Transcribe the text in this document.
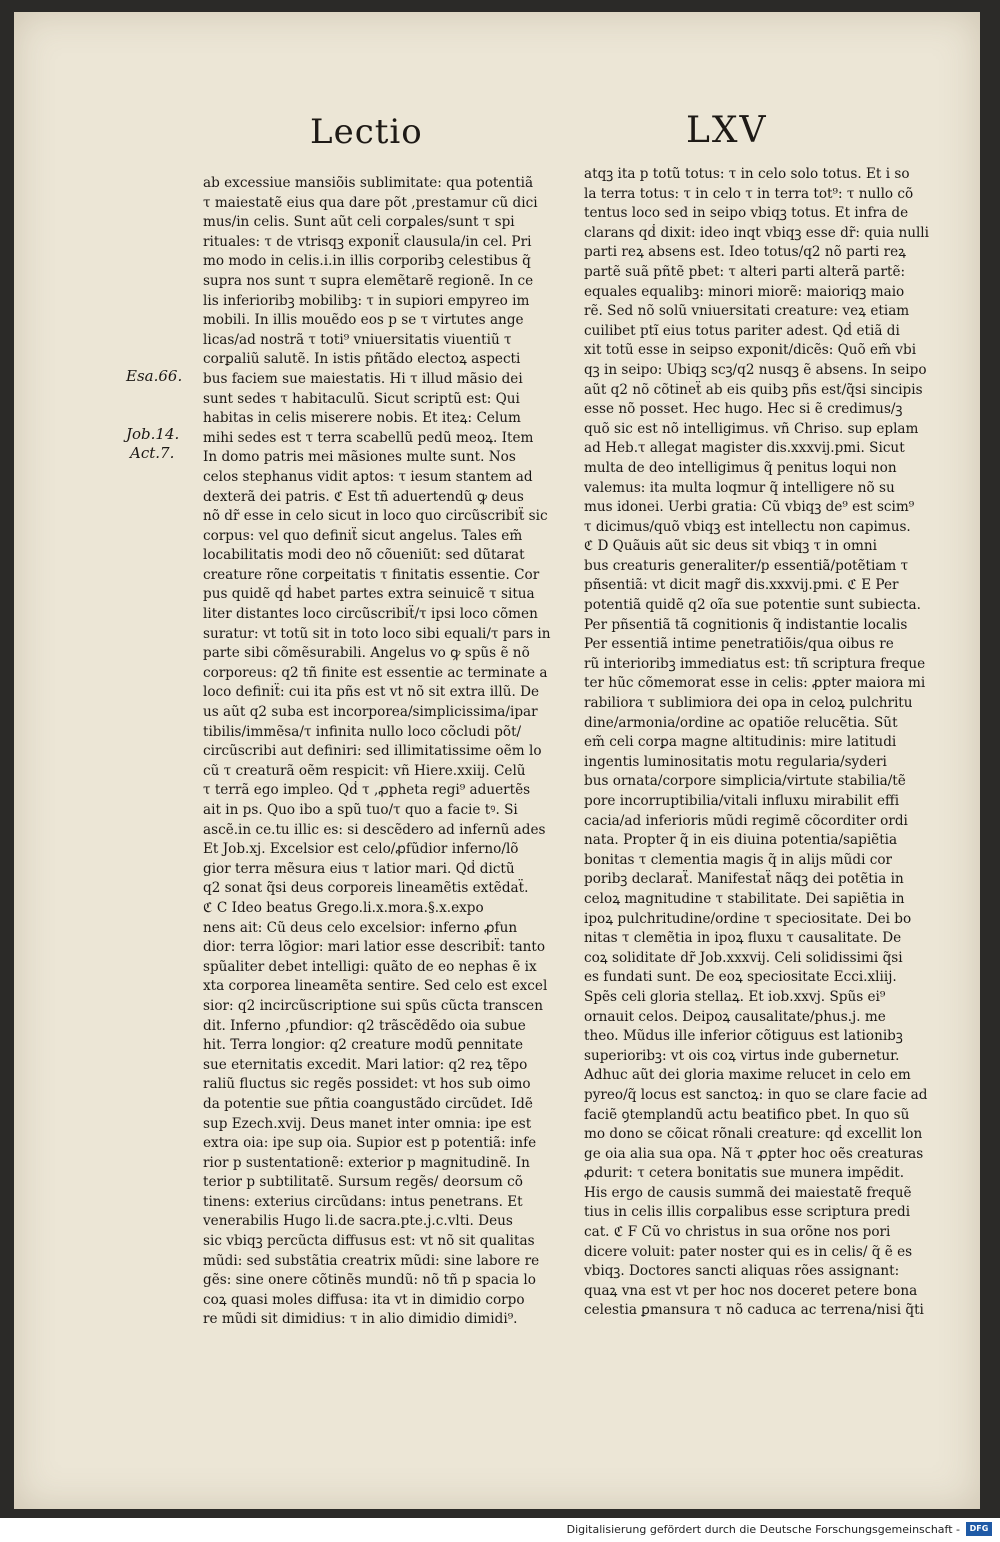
Lectio	LXV
Esa.66.
Job.14.
Act.7.
ab excessiue mansiõis sublimitate: qua potentiã
τ maiestatẽ eius qua dare põt ,prestamur cũ dici
mus/in celis. Sunt aũt celi corꝑales/sunt τ spi
rituales: τ de vtrisqꝫ exponiẗ clausula/in cel. Pri
mo modo in celis.i.in illis corporibꝫ celestibus q̃
supra nos sunt τ supra elemẽtarẽ regionẽ. In ce
lis inferioribꝫ mobilibꝫ: τ in supiori empyreo im
mobili. In illis mouẽdo eos p se τ virtutes ange
licas/ad nostrã τ toti⁹ vniuersitatis viuentiũ τ
corꝑaliũ salutẽ. In istis pñtãdo electoꝝ aspecti
bus faciem sue maiestatis. Hi τ illud mãsio dei
sunt sedes τ habitaculũ. Sicut scriptũ est: Qui
habitas in celis miserere nobis. Et iteꝝ: Celum
mihi sedes est τ terra scabellũ pedũ meoꝝ. Item
In domo patris mei mãsiones multe sunt. Nos
celos stephanus vidit aptos: τ iesum stantem ad
dexterã dei patris. ℭ Est tñ aduertendũ ꝙ deus
nõ dr̃ esse in celo sicut in loco quo circũscribiẗ sic
corpus: vel quo definiẗ sicut angelus. Tales em̃
locabilitatis modi deo nõ cõueniũt: sed dũtarat
creature rõne corꝑeitatis τ finitatis essentie. Cor
pus quidẽ qḋ habet partes extra seinuicẽ τ situa
liter distantes loco circũscribiẗ/τ ipsi loco cõmen
suratur: vt totũ sit in toto loco sibi equali/τ pars in
parte sibi cõmẽsurabili. Angelus vo ꝙ spũs ẽ nõ
corporeus: q2 tñ finite est essentie ac terminate a
loco definiẗ: cui ita pñs est vt nõ sit extra illũ. De
us aũt q2 suba est incorporea/simplicissima/ipar
tibilis/immẽsa/τ infinita nullo loco cõcludi põt/
circũscribi aut definiri: sed illimitatissime oẽm lo
cũ τ creaturã oẽm respicit: vñ Hiere.xxiij. Celũ
τ terrã ego impleo. Qḋ τ ,ꝓpheta regi⁹ aduertẽs
ait in ps. Quo ibo a spũ tuo/τ quo a facie tꝰ. Si
ascẽ.in ce.tu illic es: si descẽdero ad infernũ ades
Et Job.xj. Excelsior est celo/ꝓfũdior inferno/lõ
gior terra mẽsura eius τ latior mari. Qḋ dictũ
q2 sonat q̃si deus corporeis lineamẽtis extẽdaẗ.
ℭ C Ideo beatus Grego.li.x.mora.§.x.expo
nens ait: Cũ deus celo excelsior: inferno ꝓfun
dior: terra lõgior: mari latior esse describiẗ: tanto
spũaliter debet intelligi: quãto de eo nephas ẽ ix
xta corporea lineamẽta sentire. Sed celo est excel
sior: q2 incircũscriptione sui spũs cũcta transcen
dit. Inferno ,pfundior: q2 trãscẽdẽdo oia subue
hit. Terra longior: q2 creature modũ ꝑennitate
sue eternitatis excedit. Mari latior: q2 reꝝ tẽpo
raliũ fluctus sic regẽs possidet: vt hos sub oimo
da potentie sue pñtia coangustãdo circũdet. Idẽ
sup Ezech.xvij. Deus manet inter omnia: ipe est
extra oia: ipe sup oia. Supior est p potentiã: infe
rior p sustentationẽ: exterior p magnitudinẽ. In
terior p subtilitatẽ. Sursum regẽs/ deorsum cõ
tinens: exterius circũdans: intus penetrans. Et
venerabilis Hugo li.de sacra.pte.j.c.vlti. Deus
sic vbiqꝫ percũcta diffusus est: vt nõ sit qualitas
mũdi: sed substãtia creatrix mũdi: sine labore re
gẽs: sine onere cõtinẽs mundũ: nõ tñ p spacia lo
coꝝ quasi moles diffusa: ita vt in dimidio corpo
re mũdi sit dimidius: τ in alio dimidio dimidi⁹.
atqꝫ ita p totũ totus: τ in celo solo totus. Et i so
la terra totus: τ in celo τ in terra tot⁹: τ nullo cõ
tentus loco sed in seipo vbiqꝫ totus. Et infra de
clarans qḋ dixit: ideo inqt vbiqꝫ esse dr̃: quia nulli
parti reꝝ absens est. Ideo totus/q2 nõ parti reꝝ
partẽ suã pñtẽ pbet: τ alteri parti alterã partẽ:
equales equalibꝫ: minori miorẽ: maioriqꝫ maio
rẽ. Sed nõ solũ vniuersitati creature: veꝝ etiam
cuilibet ptĩ eius totus pariter adest. Qḋ etiã di
xit totũ esse in seipso exponit/dicẽs: Quõ em̃ vbi
qꝫ in seipo: Ubiqꝫ scꝫ/q2 nusqꝫ ẽ absens. In seipo
aũt q2 nõ cõtineẗ ab eis quibꝫ pñs est/q̃si sincipis
esse nõ posset. Hec hugo. Hec si ẽ credimus/ꝫ
quõ sic est nõ intelligimus. vñ Chriso. sup eplam
ad Heb.τ allegat magister dis.xxxvij.pmi. Sicut
multa de deo intelligimus q̃ penitus loqui non
valemus: ita multa loqmur q̃ intelligere nõ su
mus idonei. Uerbi gratia: Cũ vbiqꝫ de⁹ est scim⁹
τ dicimus/quõ vbiqꝫ est intellectu non capimus.
ℭ D Quãuis aũt sic deus sit vbiqꝫ τ in omni
bus creaturis generaliter/p essentiã/potẽtiam τ
pñsentiã: vt dicit magr̃ dis.xxxvij.pmi. ℭ E Per
potentiã quidẽ q2 oĩa sue potentie sunt subiecta.
Per pñsentiã tã cognitionis q̃ indistantie localis
Per essentiã intime penetratiõis/qua oibus re
rũ interioribꝫ immediatus est: tñ scriptura freque
ter hũc cõmemorat esse in celis: ꝓpter maiora mi
rabiliora τ sublimiora dei opa in celoꝝ pulchritu
dine/armonia/ordine ac opatiõe relucẽtia. Sũt
em̃ celi corꝑa magne altitudinis: mire latitudi
ingentis luminositatis motu regularia/syderi
bus ornata/corpore simplicia/virtute stabilia/tẽ
pore incorruptibilia/vitali influxu mirabilit effi
cacia/ad inferioris mũdi regimẽ cõcorditer ordi
nata. Propter q̃ in eis diuina potentia/sapiẽtia
bonitas τ clementia magis q̃ in alijs mũdi cor
poribꝫ declaraẗ. Manifestaẗ nãqꝫ dei potẽtia in
celoꝝ magnitudine τ stabilitate. Dei sapiẽtia in
ipoꝝ pulchritudine/ordine τ speciositate. Dei bo
nitas τ clemẽtia in ipoꝝ fluxu τ causalitate. De
coꝝ soliditate dr̃ Job.xxxvij. Celi solidissimi q̃si
es fundati sunt. De eoꝝ speciositate Ecci.xliij.
Spẽs celi gloria stellaꝝ. Et iob.xxvj. Spũs ei⁹
ornauit celos. Deipoꝝ causalitate/phus.j. me
theo. Mũdus ille inferior cõtiguus est lationibꝫ
superioribꝫ: vt ois coꝝ virtus inde gubernetur.
Adhuc aũt dei gloria maxime relucet in celo em
pyreo/q̃ locus est sanctoꝝ: in quo se clare facie ad
faciẽ ꝯtemplandũ actu beatifico pbet. In quo sũ
mo dono se cõicat rõnali creature: qḋ excellit lon
ge oia alia sua opa. Nã τ ꝓpter hoc oẽs creaturas
ꝓdurit: τ cetera bonitatis sue munera impẽdit.
His ergo de causis summã dei maiestatẽ frequẽ
tius in celis illis corꝑalibus esse scriptura predi
cat. ℭ F Cũ vo christus in sua orõne nos pori
dicere voluit: pater noster qui es in celis/ q̃ ẽ es
vbiqꝫ. Doctores sancti aliquas rões assignant:
quaꝝ vna est vt per hoc nos doceret petere bona
celestia ꝑmansura τ nõ caduca ac terrena/nisi q̃ti
Digitalisierung gefördert durch die Deutsche Forschungsgemeinschaft -	DFG
